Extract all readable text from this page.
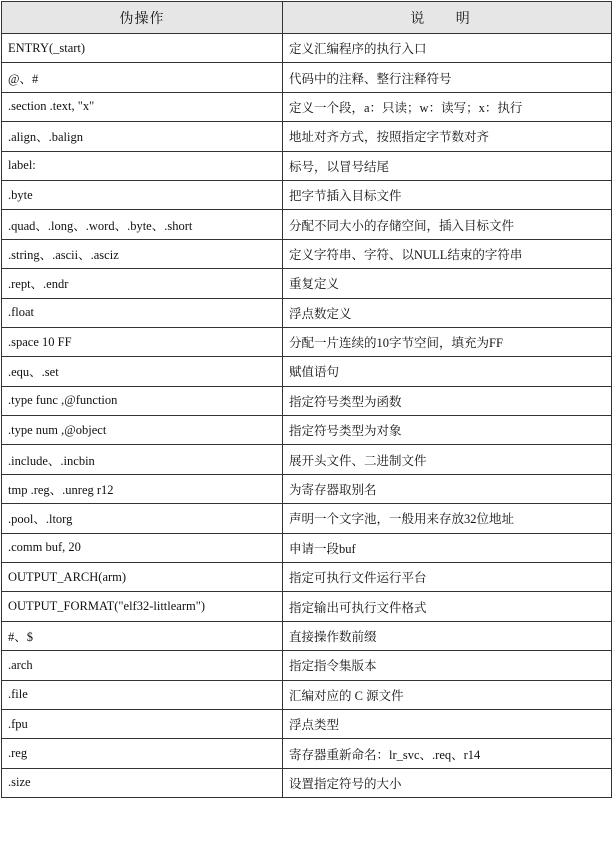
伪操作	说 明
ENTRY(_start)	定义汇编程序的执行入口
@、#	代码中的注释、整行注释符号
.section .text, "x"	定义一个段，a：只读；w：读写；x：执行
.align、.balign	地址对齐方式，按照指定字节数对齐
label:	标号，以冒号结尾
.byte	把字节插入目标文件
.quad、.long、.word、.byte、.short	分配不同大小的存储空间，插入目标文件
.string、.ascii、.asciz	定义字符串、字符、以NULL结束的字符串
.rept、.endr	重复定义
.float	浮点数定义
.space 10 FF	分配一片连续的10字节空间，填充为FF
.equ、.set	赋值语句
.type func ,@function	指定符号类型为函数
.type num ,@object	指定符号类型为对象
.include、.incbin	展开头文件、二进制文件
tmp .reg、.unreg r12	为寄存器取别名
.pool、.ltorg	声明一个文字池，一般用来存放32位地址
.comm buf, 20	申请一段buf
OUTPUT_ARCH(arm)	指定可执行文件运行平台
OUTPUT_FORMAT("elf32-littlearm")	指定输出可执行文件格式
#、$	直接操作数前缀
.arch	指定指令集版本
.file	汇编对应的 C 源文件
.fpu	浮点类型
.reg	寄存器重新命名：lr_svc、.req、r14
.size	设置指定符号的大小
